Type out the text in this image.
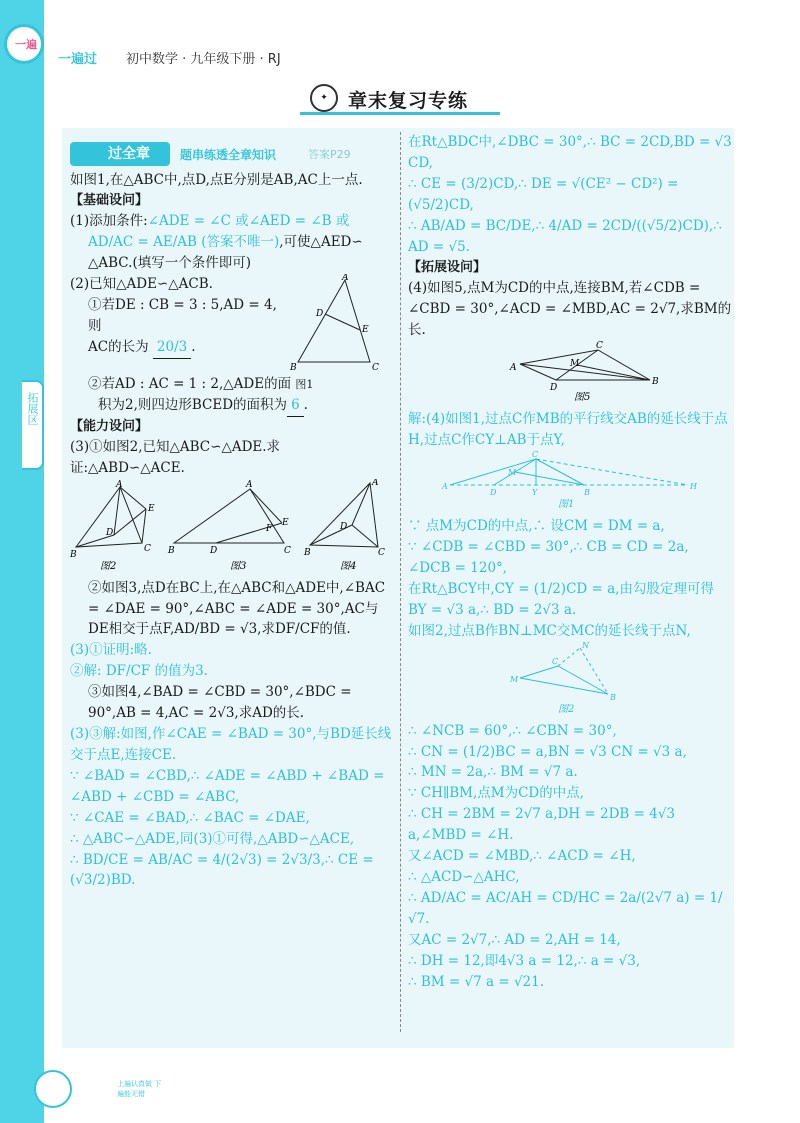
一遍
一遍过 初中数学 · 九年级下册 · RJ
✦	章末复习专练
拓展区
过全章	题串练透全章知识	答案P29

如图1,在△ABC中,点D,点E分别是AB,AC上一点.

【基础设问】

(1)添加条件:∠ADE = ∠C 或∠AED = ∠B 或

AD/AC = AE/AB (答案不唯一),可使△AED∽

△ABC.(填写一个条件即可)

(2)已知△ADE∽△ACB.

①若DE : CB = 3 : 5,AD = 4,则

AC的长为 20/3 .

A
D
E
B	C

②若AD : AC = 1 : 2,△ADE的面 图1

积为2,则四边形BCED的面积为 6 .

【能力设问】

(3)①如图2,已知△ABC∽△ADE.求证:△ABD∽△ACE.

A
E
D
B
C
图2
A
F
E
B	D	C
图3
A
D
B	C
图4

②如图3,点D在BC上,在△ABC和△ADE中,∠BAC = ∠DAE = 90°,∠ABC = ∠ADE = 30°,AC与DE相交于点F,AD/BD = √3,求DF/CF的值.

(3)①证明:略.

②解: DF/CF 的值为3.

③如图4,∠BAD = ∠CBD = 30°,∠BDC = 90°,AB = 4,AC = 2√3,求AD的长.

(3)③解:如图,作∠CAE = ∠BAD = 30°,与BD延长线交于点E,连接CE.

∵ ∠BAD = ∠CBD,∴ ∠ADE = ∠ABD + ∠BAD = ∠ABD + ∠CBD = ∠ABC,

∵ ∠CAE = ∠BAD,∴ ∠BAC = ∠DAE,

∴ △ABC∽△ADE,同(3)①可得,△ABD∽△ACE,

∴ BD/CE = AB/AC = 4/(2√3) = 2√3/3,∴ CE =

(√3/2)BD.

在Rt△BDC中,∠DBC = 30°,∴ BC = 2CD,BD = √3 CD,

∴ CE = (3/2)CD,∴ DE = √(CE² − CD²) = (√5/2)CD,

∴ AB/AD = BC/DE,∴ 4/AD = 2CD/((√5/2)CD),∴ AD = √5.

【拓展设问】

(4)如图5,点M为CD的中点,连接BM,若∠CDB = ∠CBD = 30°,∠ACD = ∠MBD,AC = 2√7,求BM的长.

A
C
M
D
B
图5

解:(4)如图1,过点C作MB的平行线交AB的延长线于点H,过点C作CY⊥AB于点Y,

A
C
M
D	Y	B
H
图1

∵ 点M为CD的中点,∴ 设CM = DM = a,

∵ ∠CDB = ∠CBD = 30°,∴ CB = CD = 2a,

∠DCB = 120°,

在Rt△BCY中,CY = (1/2)CD = a,由勾股定理可得

BY = √3 a,∴ BD = 2√3 a.

如图2,过点B作BN⊥MC交MC的延长线于点N,

M
C
N
B
图2

∴ ∠NCB = 60°,∴ ∠CBN = 30°,

∴ CN = (1/2)BC = a,BN = √3 CN = √3 a,

∴ MN = 2a,∴ BM = √7 a.

∵ CH∥BM,点M为CD的中点,

∴ CH = 2BM = 2√7 a,DH = 2DB = 4√3 a,∠MBD = ∠H.

又∠ACD = ∠MBD,∴ ∠ACD = ∠H,

∴ △ACD∽△AHC,

∴ AD/AC = AC/AH = CD/HC = 2a/(2√7 a) = 1/√7.

又AC = 2√7,∴ AD = 2,AH = 14,

∴ DH = 12,即4√3 a = 12,∴ a = √3,

∴ BM = √7 a = √21.

46	上遍认真做 下遍能无错
